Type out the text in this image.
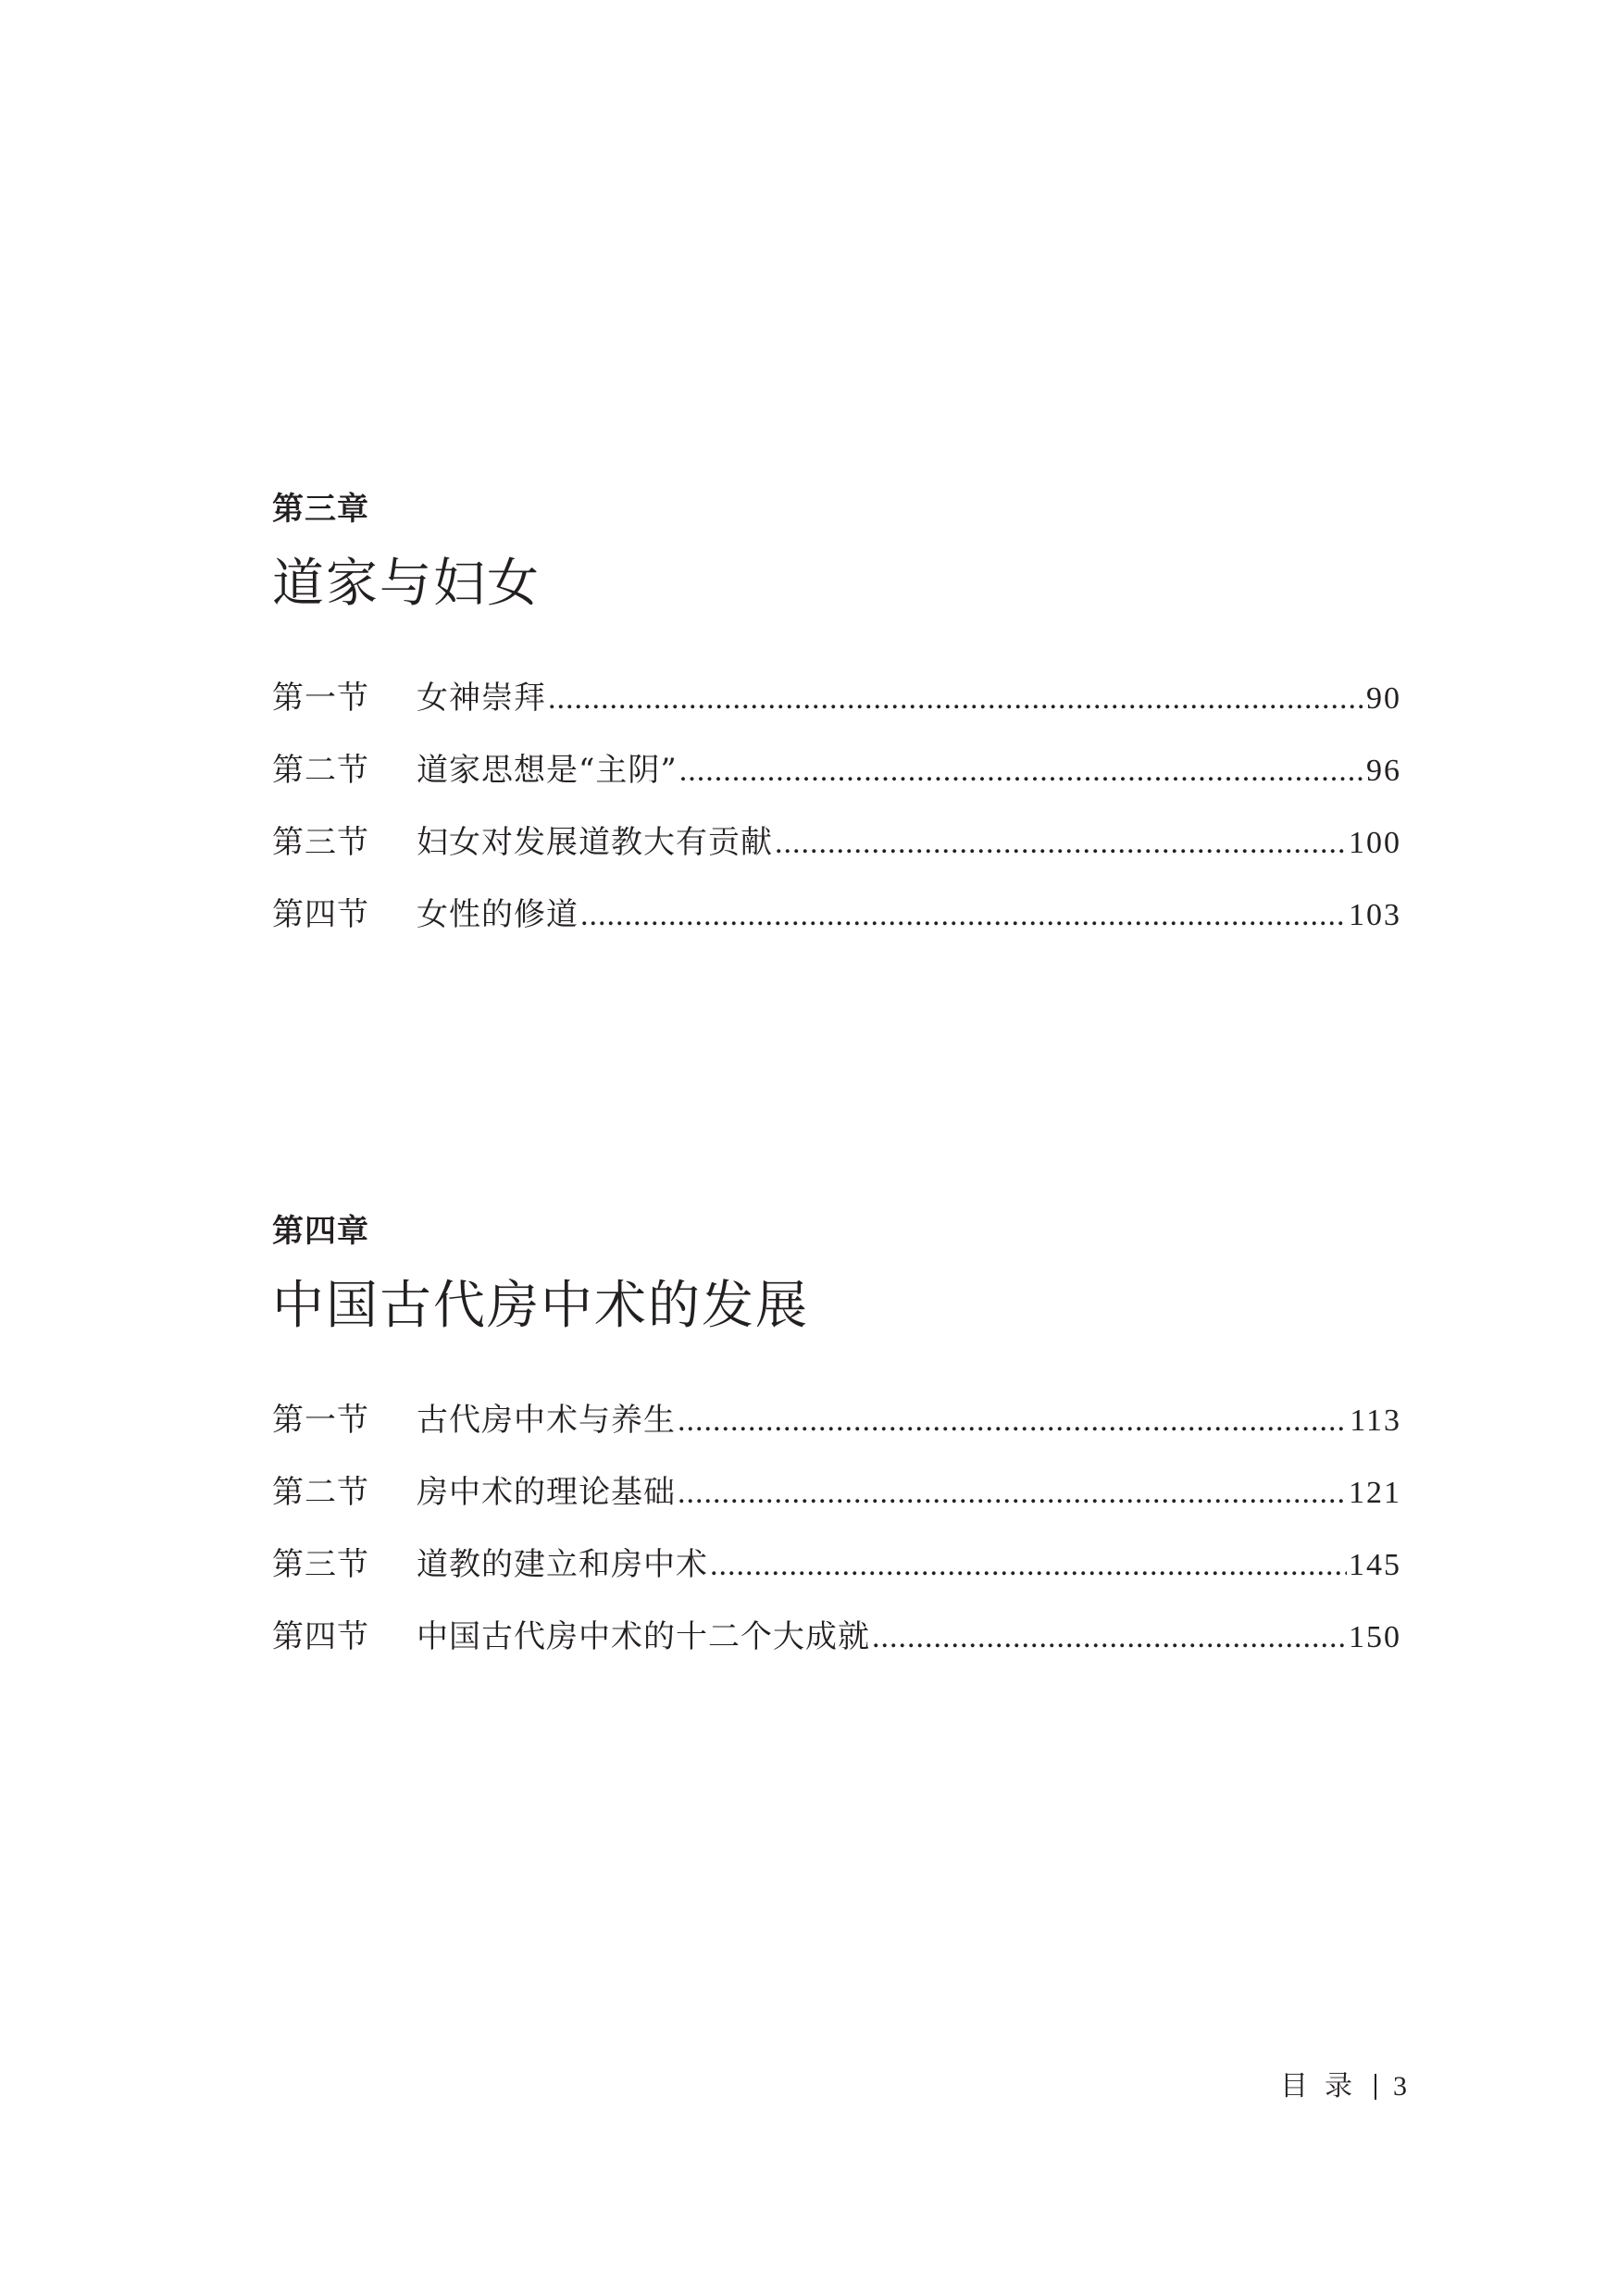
第三章
道家与妇女
第一节	女神崇拜 .....	90
第二节	道家思想是“主阴” .....	96
第三节	妇女对发展道教大有贡献 .....	100
第四节	女性的修道 .....	103
第四章
中国古代房中术的发展
第一节	古代房中术与养生 .....	113
第二节	房中术的理论基础 .....	121
第三节	道教的建立和房中术 .....	145
第四节	中国古代房中术的十二个大成就 .....	150
目录 3
